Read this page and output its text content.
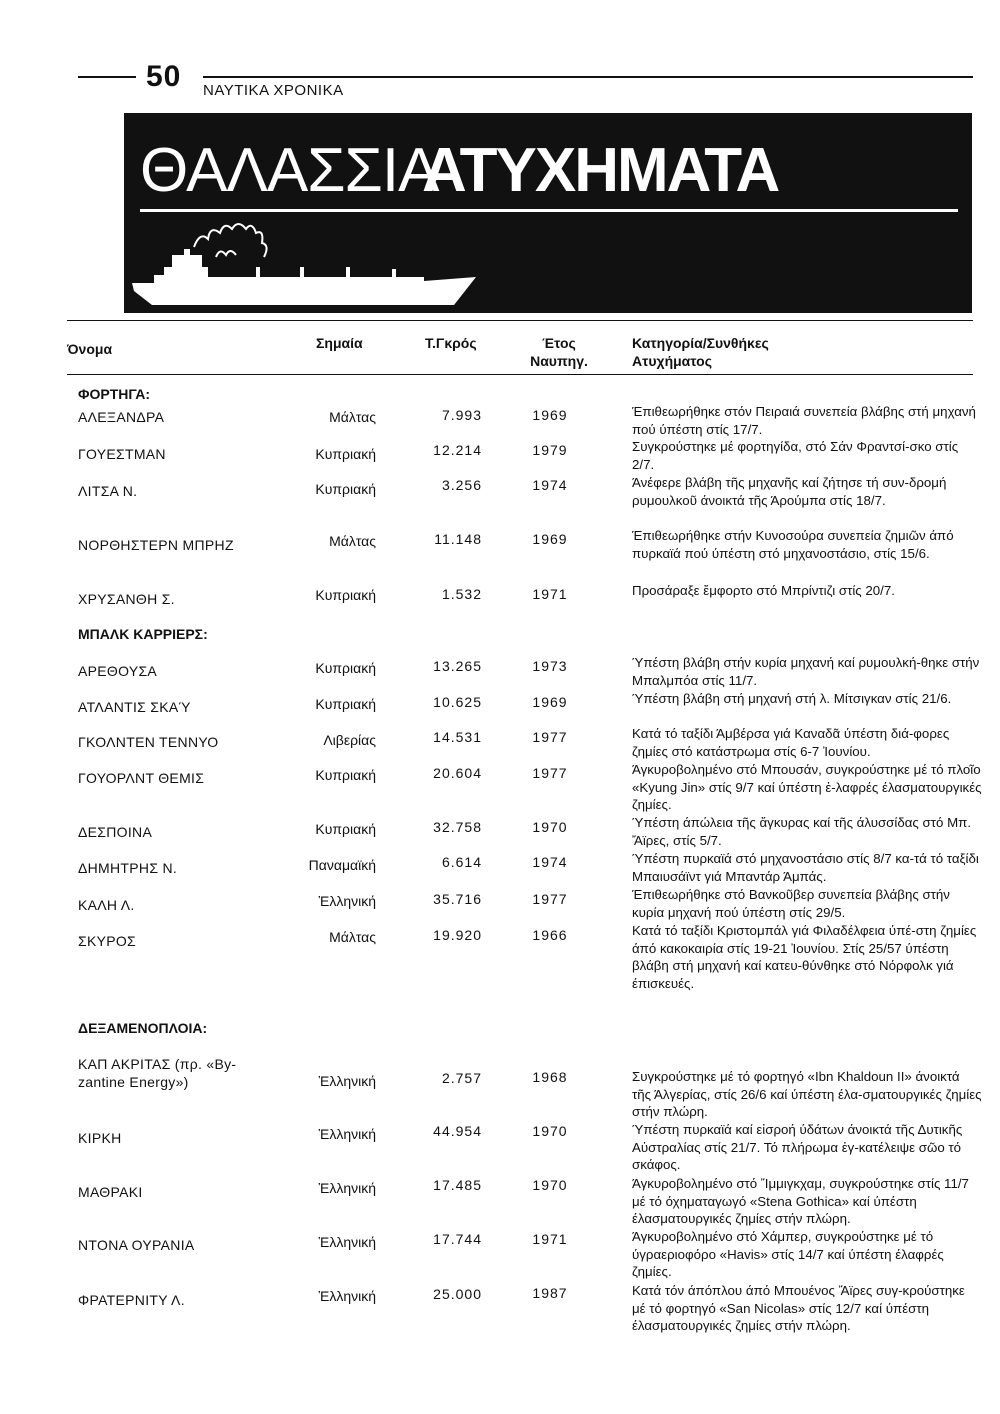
50 ΝΑΥΤΙΚΑ ΧΡΟΝΙΚΑ
ΘΑΛΑΣΣΙΑ
ΑΤΥΧΗΜΑΤΑ
Όνομα	Σημαία	Τ.Γκρός	Έτος
Ναυπηγ.
Κατηγορία/Συνθήκες
Ατυχήματος
ΦΟΡΤΗΓΑ:
ΑΛΕΞΑΝΔΡΑ	Μάλτας	7.993	1969	Έπιθεωρήθηκε στόν Πειραιά συνεπεία βλάβης στή μηχανή πού ύπέστη στίς 17/7.
ΓΟΥΕΣΤΜΑΝ	Κυπριακή	12.214	1979	Συγκρούστηκε μέ φορτηγίδα, στό Σάν Φραντσί-σκο στίς 2/7.
ΛΙΤΣΑ Ν.	Κυπριακή	3.256	1974	Άνέφερε βλάβη τῆς μηχανῆς καί ζήτησε τή συν-δρομή ρυμουλκοῦ άνοικτά τῆς Άρούμπα στίς 18/7.
ΝΟΡΘΗΣΤΕΡΝ ΜΠΡΗΖ	Μάλτας	11.148	1969	Έπιθεωρήθηκε στήν Κυνοσούρα συνεπεία ζημιῶν άπό πυρκαϊά πού ύπέστη στό μηχανοστάσιο, στίς 15/6.
ΧΡΥΣΑΝΘΗ Σ.	Κυπριακή	1.532	1971	Προσάραξε ἔμφορτο στό Μπρίντιζι στίς 20/7.
ΜΠΑΛΚ ΚΑΡΡΙΕΡΣ:
ΑΡΕΘΟΥΣΑ	Κυπριακή	13.265	1973	Ύπέστη βλάβη στήν κυρία μηχανή καί ρυμουλκή-θηκε στήν Μπαλμπόα στίς 11/7.
ΑΤΛΑΝΤΙΣ ΣΚΑΎ	Κυπριακή	10.625	1969	Ύπέστη βλάβη στή μηχανή στή λ. Μίτσιγκαν στίς 21/6.
ΓΚΟΛΝΤΕΝ ΤΕΝΝΥΟ	Λιβερίας	14.531	1977	Κατά τό ταξίδι Άμβέρσα γιά Καναδᾶ ύπέστη διά-φορες ζημίες στό κατάστρωμα στίς 6-7 Ἰουνίου.
ΓΟΥΟΡΛΝΤ ΘΕΜΙΣ	Κυπριακή	20.604	1977	Άγκυροβολημένο στό Μπουσάν, συγκρούστηκε μέ τό πλοῖο «Kyung Jin» στίς 9/7 καί ύπέστη ἐ-λαφρές έλασματουργικές ζημίες.
ΔΕΣΠΟΙΝΑ	Κυπριακή	32.758	1970	Ύπέστη άπώλεια τῆς ἄγκυρας καί τῆς άλυσσίδας στό Μπ. Ἄϊρες, στίς 5/7.
ΔΗΜΗΤΡΗΣ Ν.	Παναμαϊκή	6.614	1974	Ύπέστη πυρκαϊά στό μηχανοστάσιο στίς 8/7 κα-τά τό ταξίδι Μπαιυσάϊντ γιά Μπαντάρ Άμπάς.
ΚΑΛΗ Λ.	Ἑλληνική	35.716	1977	Έπιθεωρήθηκε στό Βανκοῦβερ συνεπεία βλάβης στήν κυρία μηχανή πού ύπέστη στίς 29/5.
ΣΚΥΡΟΣ	Μάλτας	19.920	1966	Κατά τό ταξίδι Κριστομπάλ γιά Φιλαδέλφεια ύπέ-στη ζημίες άπό κακοκαιρία στίς 19-21 Ἰουνίου. Στίς 25/57 ύπέστη βλάβη στή μηχανή καί κατευ-θύνθηκε στό Νόρφολκ γιά έπισκευές.
ΔΕΞΑΜΕΝΟΠΛΟΙΑ:
ΚΑΠ ΑΚΡΙΤΑΣ (πρ. «By-zantine Energy»)	Ἑλληνική	2.757	1968	Συγκρούστηκε μέ τό φορτηγό «Ibn Khaldoun II» άνοικτά τῆς Άλγερίας, στίς 26/6 καί ύπέστη έλα-σματουργικές ζημίες στήν πλώρη.
ΚΙΡΚΗ	Ἑλληνική	44.954	1970	Ύπέστη πυρκαϊά καί εἰσροή ύδάτων άνοικτά τῆς Δυτικῆς Αὐστραλίας στίς 21/7. Τό πλήρωμα ἐγ-κατέλειψε σῶο τό σκάφος.
ΜΑΘΡΑΚΙ	Ἑλληνική	17.485	1970	Άγκυροβολημένο στό Ἴμμιγκχαμ, συγκρούστηκε στίς 11/7 μέ τό όχηματαγωγό «Stena Gothica» καί ύπέστη έλασματουργικές ζημίες στήν πλώρη.
ΝΤΟΝΑ ΟΥΡΑΝΙΑ	Ἑλληνική	17.744	1971	Άγκυροβολημένο στό Χάμπερ, συγκρούστηκε μέ τό ύγραεριοφόρο «Havis» στίς 14/7 καί ύπέστη έλαφρές ζημίες.
ΦΡΑΤΕΡΝΙΤΥ Λ.	Ἑλληνική	25.000	1987	Κατά τόν άπόπλου άπό Μπουένος Ἄϊρες συγ-κρούστηκε μέ τό φορτηγό «San Nicolas» στίς 12/7 καί ύπέστη έλασματουργικές ζημίες στήν πλώρη.
